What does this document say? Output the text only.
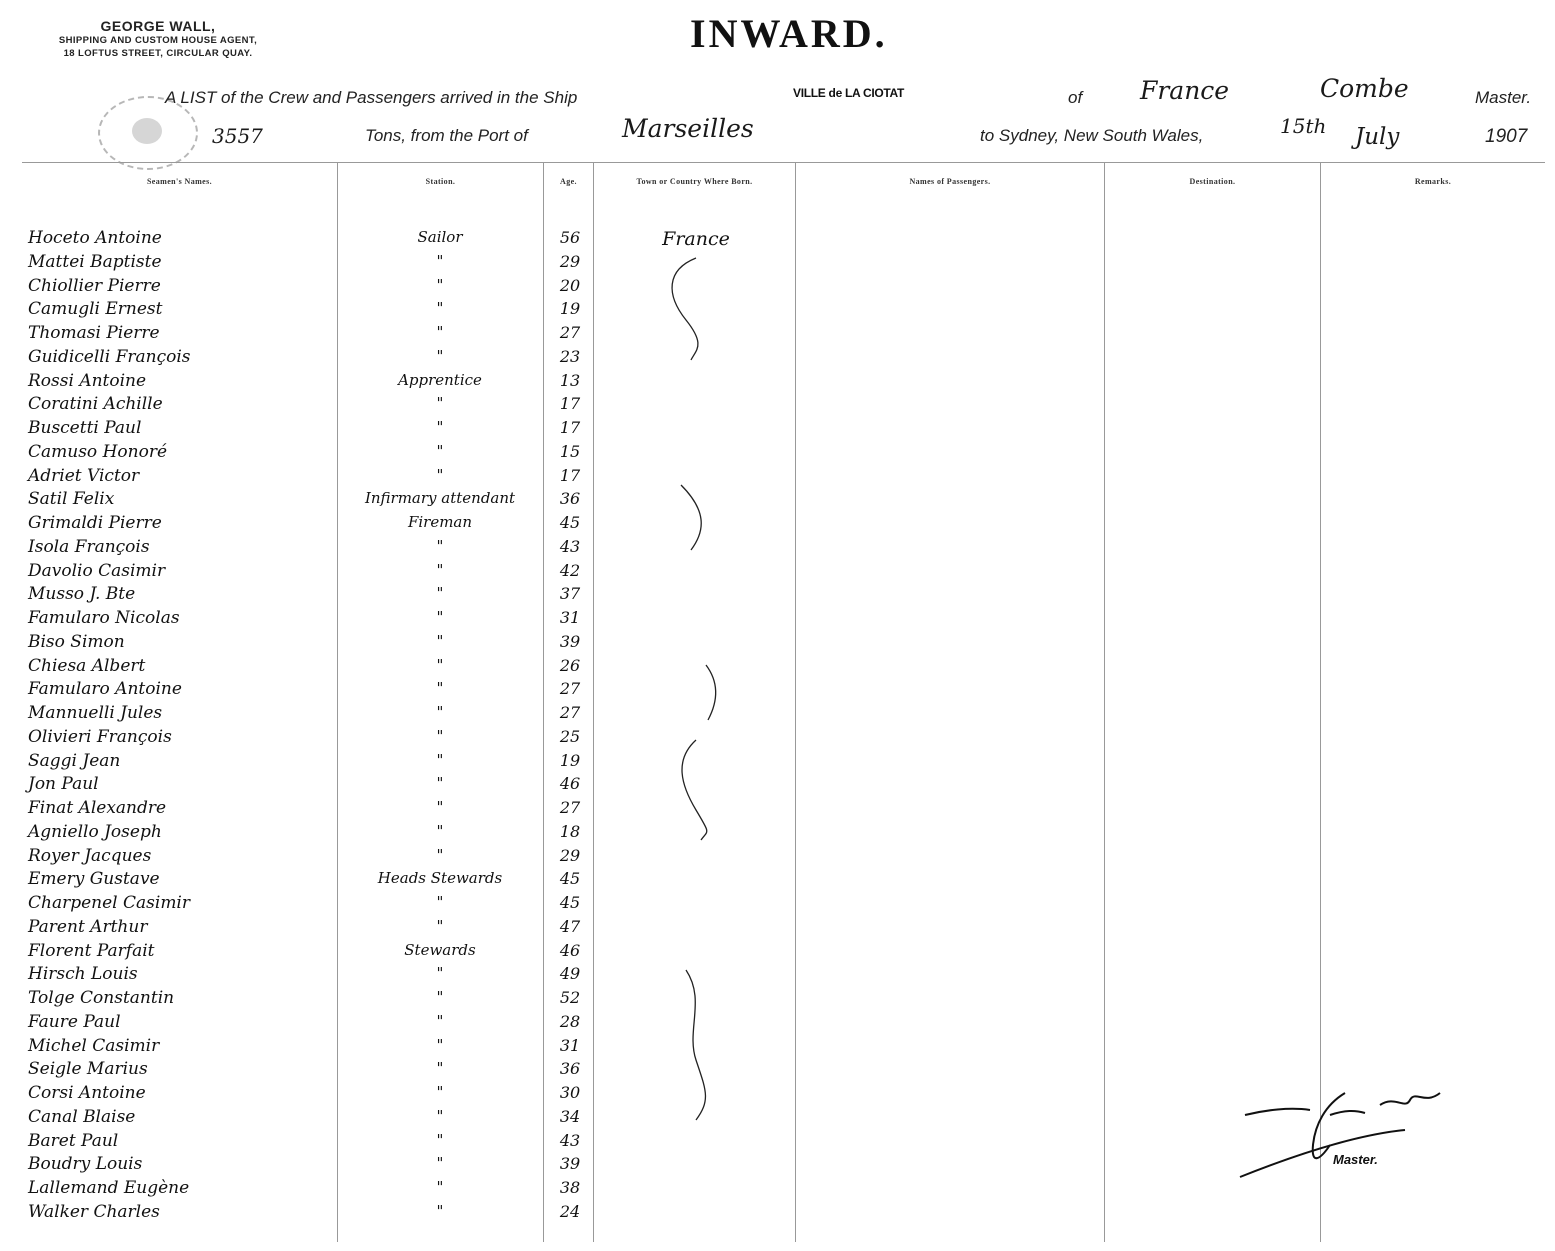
GEORGE WALL,
SHIPPING AND CUSTOM HOUSE AGENT,
18 LOFTUS STREET, CIRCULAR QUAY.	INWARD.
A LIST of the Crew and Passengers arrived in the Ship	VILLE de LA CIOTAT	of France	Combe	Master.
3557	Tons, from the Port of	Marseilles	to Sydney, New South Wales,	15th July	1907
Seamen's Names.	Station.	Age.	Town or Country Where Born.	Names of Passengers.	Destination.	Remarks.
Hoceto Antoine	Sailor	56	France
Mattei Baptiste	"	29
Chiollier Pierre	"	20
Camugli Ernest	"	19
Thomasi Pierre	"	27
Guidicelli François	"	23
Rossi Antoine	Apprentice	13
Coratini Achille	"	17
Buscetti Paul	"	17
Camuso Honoré	"	15
Adriet Victor	"	17
Satil Felix	Infirmary attendant	36
Grimaldi Pierre	Fireman	45
Isola François	"	43
Davolio Casimir	"	42
Musso J. Bte	"	37
Famularo Nicolas	"	31
Biso Simon	"	39
Chiesa Albert	"	26
Famularo Antoine	"	27
Mannuelli Jules	"	27
Olivieri François	"	25
Saggi Jean	"	19
Jon Paul	"	46
Finat Alexandre	"	27
Agniello Joseph	"	18
Royer Jacques	"	29
Emery Gustave	Heads Stewards	45
Charpenel Casimir	"	45
Parent Arthur	"	47
Florent Parfait	Stewards	46
Hirsch Louis	"	49
Tolge Constantin	"	52
Faure Paul	"	28
Michel Casimir	"	31
Seigle Marius	"	36
Corsi Antoine	"	30
Canal Blaise	"	34
Baret Paul	"	43
Boudry Louis	"	39
Lallemand Eugène	"	38
Walker Charles	"	24
Master.
